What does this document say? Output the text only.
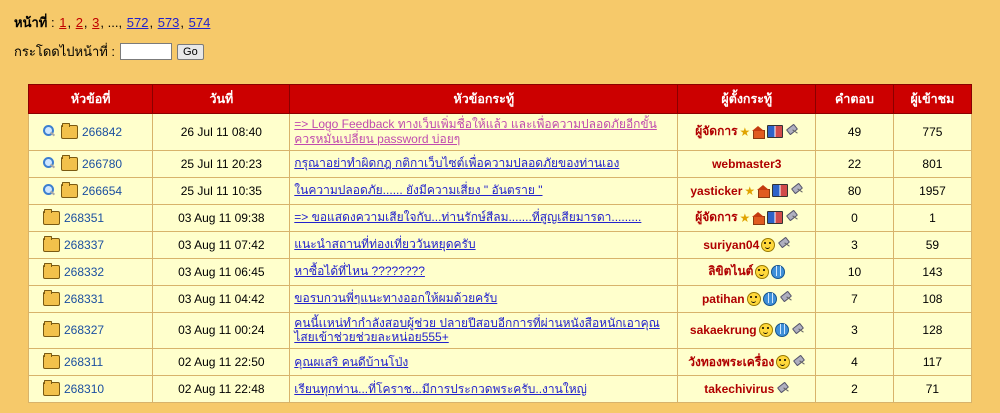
หน้าที่ : 1, 2, 3, ..., 572, 573, 574
กระโดดไปหน้าที่ :	Go
หัวข้อที่	วันที่	หัวข้อกระทู้	ผู้ตั้งกระทู้	คำตอบ	ผู้เข้าชม

266842	26 Jul 11 08:40	=> Logo Feedback ทางเว็บเพิ่มชื่อให้แล้ว และเพื่อความปลอดภัยอีกขั้นควรหมั่นเปลี่ยน password บ่อยๆ	ผู้จัดการ ★	49	775

266780	25 Jul 11 20:23	กรุณาอย่าทำผิดกฎ กติกาเว็บไซต์เพื่อความปลอดภัยของท่านเอง	webmaster3	22	801

266654	25 Jul 11 10:35	ในความปลอดภัย...... ยังมีความเสี่ยง " อันตราย "	yasticker ★	80	1957

268351	03 Aug 11 09:38	=> ขอแสดงความเสียใจกับ...ท่านรักษ์สีลม.......ที่สูญเสียมารดา.........	ผู้จัดการ ★	0	1

268337	03 Aug 11 07:42	แนะนำสถานที่ท่องเที่ยววันหยุดครับ	suriyan04	3	59

268332	03 Aug 11 06:45	หาซื้อได้ที่ไหน ????????	ลิขิตไนต์	10	143

268331	03 Aug 11 04:42	ขอรบกวนพี่ๆแนะทางออกให้ผมด้วยครับ	patihan	7	108

268327	03 Aug 11 00:24	คนนี้เเหน่ทำกำลังสอบผู้ช่วย ปลายปีสอบอีกการที่ผ่านหนังสือหนักเอาคุณไสยเข้าช่วยช่วยละหน่อย555+	sakaekrung	3	128

268311	02 Aug 11 22:50	คุณผเสริ คนดีบ้านโป่ง	วังทองพระเครื่อง	4	117

268310	02 Aug 11 22:48	เรียนทุกท่าน...ที่โคราช...มีการประกวดพระครับ..งานใหญ่	takechivirus	2	71
